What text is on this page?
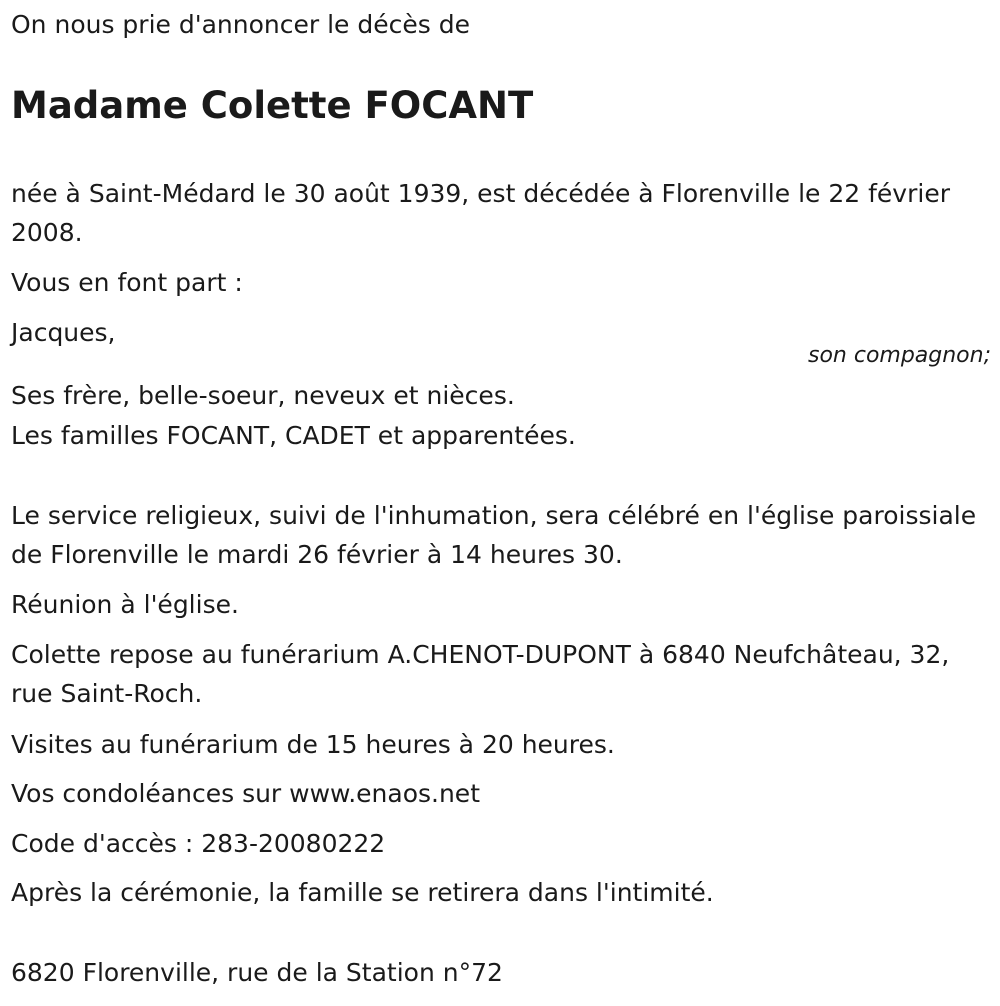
On nous prie d'annoncer le décès de
Madame Colette FOCANT
née à Saint-Médard le 30 août 1939, est décédée à Florenville le 22 février 2008.
Vous en font part :
Jacques,
son compagnon;
Ses frère, belle-soeur, neveux et nièces.
Les familles FOCANT, CADET et apparentées.
Le service religieux, suivi de l'inhumation, sera célébré en l'église paroissiale de Florenville le mardi 26 février à 14 heures 30.
Réunion à l'église.
Colette repose au funérarium A.CHENOT-DUPONT à 6840 Neufchâteau, 32, rue Saint-Roch.
Visites au funérarium de 15 heures à 20 heures.
Vos condoléances sur www.enaos.net
Code d'accès : 283-20080222
Après la cérémonie, la famille se retirera dans l'intimité.
6820 Florenville, rue de la Station n°72
